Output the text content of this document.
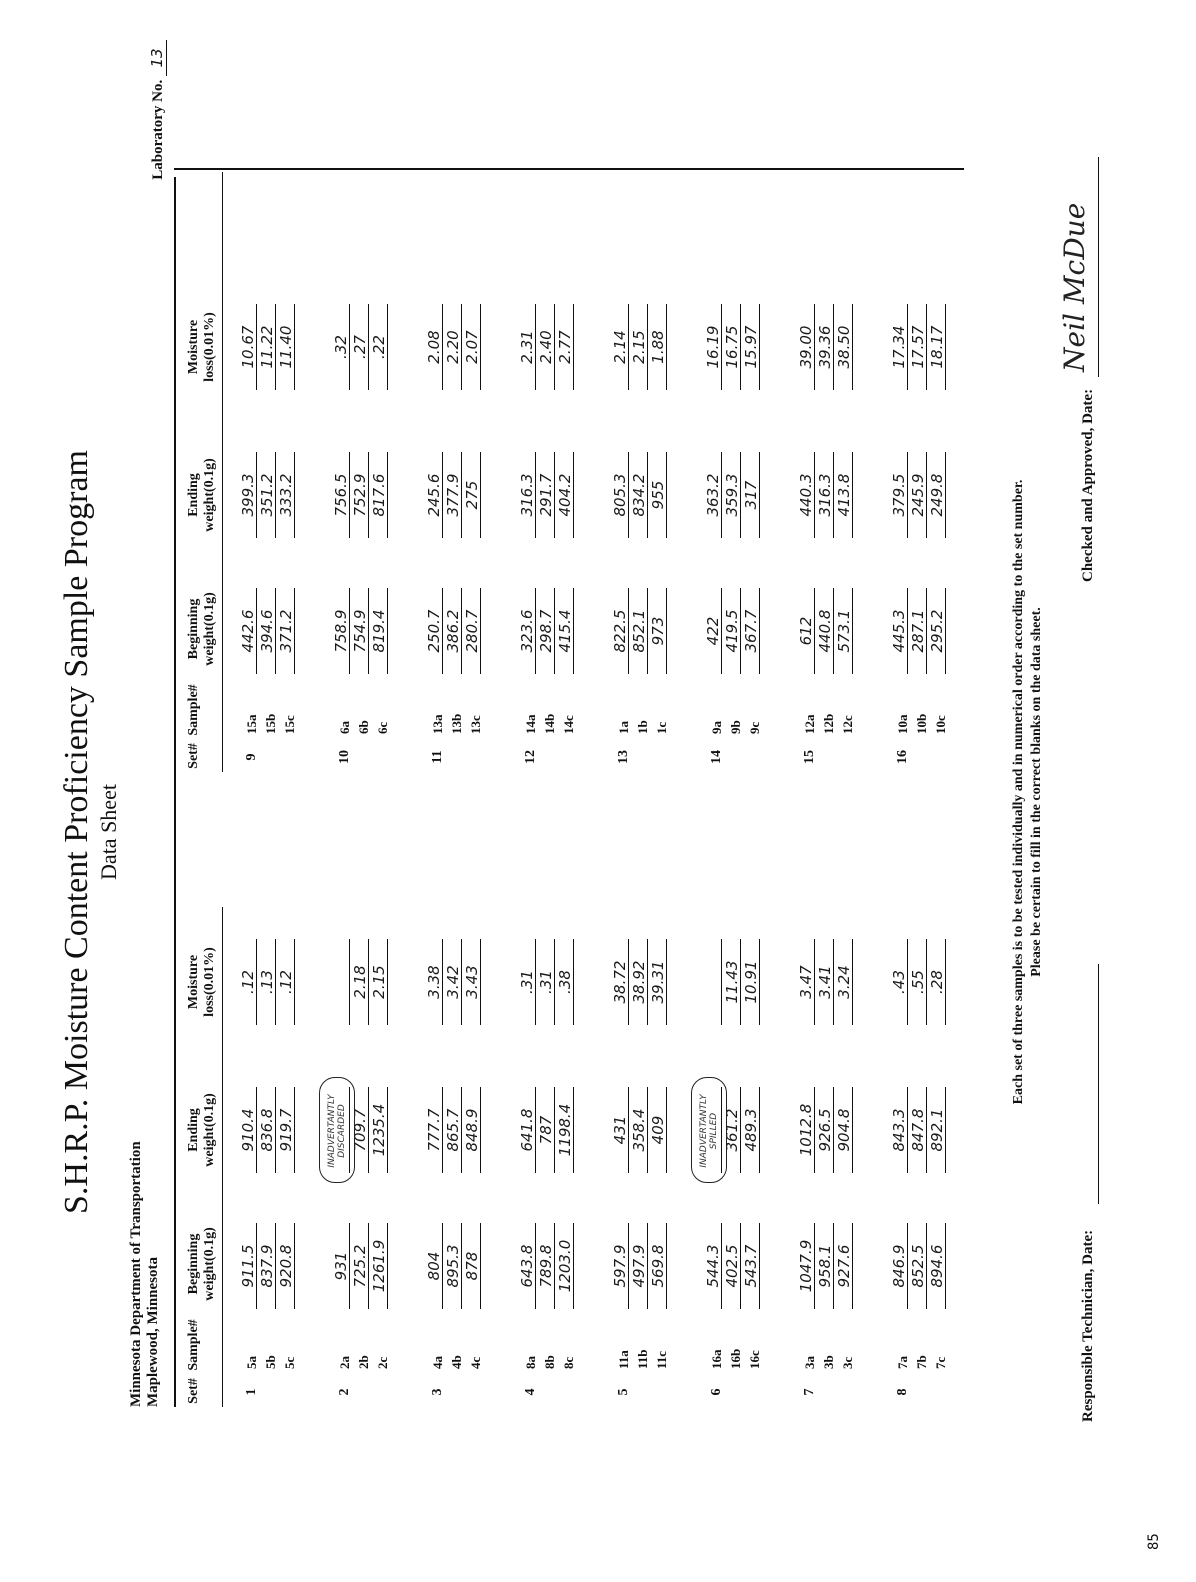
S.H.R.P. Moisture Content Proficiency Sample Program Data Sheet
Minnesota Department of Transportation Maplewood, Minnesota
Laboratory No. 13
Set#
Sample#
Beginning weight(0.1g)
Ending weight(0.1g)
Moisture loss(0.01%)
1
5a
911.5
910.4
.12
5b
837.9
836.8
.13
5c
920.8
919.7
.12
2
2a
931
2b
725.2
709.7
2.18
2c
1261.9
1235.4
2.15
INADVERTANTLY DISCARDED
3
4a
804
777.7
3.38
4b
895.3
865.7
3.42
4c
878
848.9
3.43
4
8a
643.8
641.8
.31
8b
789.8
787
.31
8c
1203.0
1198.4
.38
5
11a
597.9
431
38.72
11b
497.9
358.4
38.92
11c
569.8
409
39.31
6
16a
544.3
16b
402.5
361.2
11.43
16c
543.7
489.3
10.91
INADVERTANTLY SPILLED
7
3a
1047.9
1012.8
3.47
3b
958.1
926.5
3.41
3c
927.6
904.8
3.24
8
7a
846.9
843.3
.43
7b
852.5
847.8
.55
7c
894.6
892.1
.28
Set#
Sample#
Beginning weight(0.1g)
Ending weight(0.1g)
Moisture loss(0.01%)
9
15a
442.6
399.3
10.67
15b
394.6
351.2
11.22
15c
371.2
333.2
11.40
10
6a
758.9
756.5
.32
6b
754.9
752.9
.27
6c
819.4
817.6
.22
11
13a
250.7
245.6
2.08
13b
386.2
377.9
2.20
13c
280.7
275
2.07
12
14a
323.6
316.3
2.31
14b
298.7
291.7
2.40
14c
415.4
404.2
2.77
13
1a
822.5
805.3
2.14
1b
852.1
834.2
2.15
1c
973
955
1.88
14
9a
422
363.2
16.19
9b
419.5
359.3
16.75
9c
367.7
317
15.97
15
12a
612
440.3
39.00
12b
440.8
316.3
39.36
12c
573.1
413.8
38.50
16
10a
445.3
379.5
17.34
10b
287.1
245.9
17.57
10c
295.2
249.8
18.17
Each set of three samples is to be tested individually and in numerical order according to the set number. Please be certain to fill in the correct blanks on the data sheet.
Responsible Technician, Date:
Checked and Approved, Date:
Neil McDue
85
